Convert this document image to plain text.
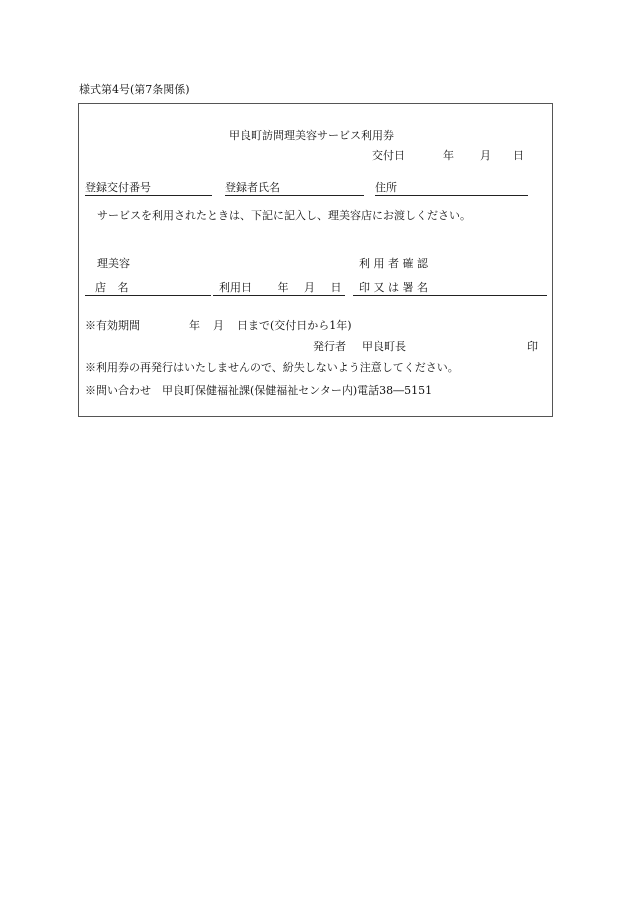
様式第4号(第7条関係)
甲良町訪問理美容サービス利用券
交付日	年 月 日
登録交付番号	登録者氏名	住所
サービスを利用されたときは、下記に記入し、理美容店にお渡しください。
理美容	利 用 者 確 認
店 名	利用日 年 月 日	印 又 は 署 名
※有効期間	年 月 日まで(交付日から1年)
発行者 甲良町長	印
※利用券の再発行はいたしませんので、紛失しないよう注意してください。
※問い合わせ　甲良町保健福祉課(保健福祉センター内)電話38―5151
